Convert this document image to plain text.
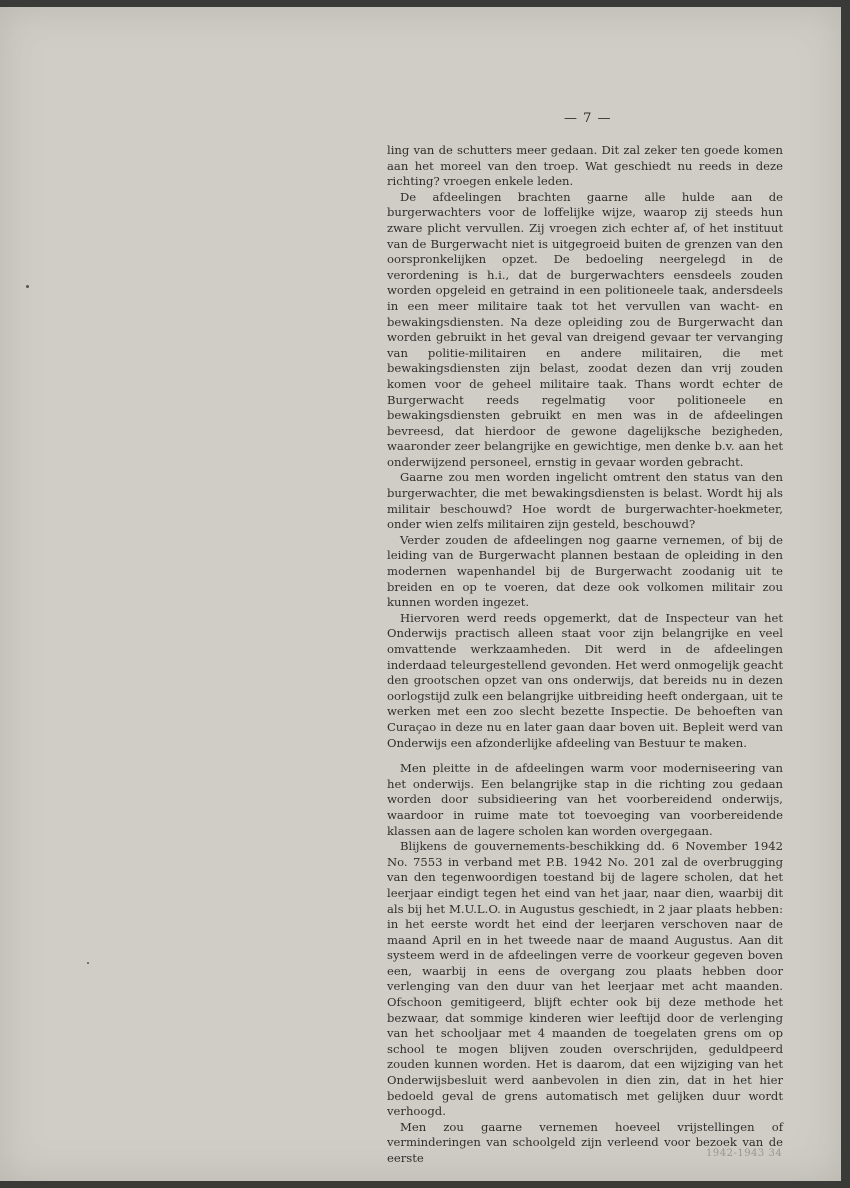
— 7 —

ling van de schutters meer gedaan. Dit zal zeker ten goede komen aan het moreel van den troep. Wat geschiedt nu reeds in deze richting? vroegen enkele leden.

De afdeelingen brachten gaarne alle hulde aan de burgerwachters voor de loffelijke wijze, waarop zij steeds hun zware plicht vervullen. Zij vroegen zich echter af, of het instituut van de Burgerwacht niet is uitgegroeid buiten de grenzen van den oorspronkelijken opzet. De bedoeling neergelegd in de verordening is h.i., dat de burgerwachters eensdeels zouden worden opgeleid en getraind in een politioneele taak, andersdeels in een meer militaire taak tot het vervullen van wacht- en bewakingsdiensten. Na deze opleiding zou de Burgerwacht dan worden gebruikt in het geval van dreigend gevaar ter vervanging van politie-militairen en andere militairen, die met bewakingsdiensten zijn belast, zoodat dezen dan vrij zouden komen voor de geheel militaire taak. Thans wordt echter de Burgerwacht reeds regelmatig voor politioneele en bewakingsdiensten gebruikt en men was in de afdeelingen bevreesd, dat hierdoor de gewone dagelijksche bezigheden, waaronder zeer belangrijke en gewichtige, men denke b.v. aan het onderwijzend personeel, ernstig in gevaar worden gebracht.

Gaarne zou men worden ingelicht omtrent den status van den burgerwachter, die met bewakingsdiensten is belast. Wordt hij als militair beschouwd? Hoe wordt de burgerwachter-hoekmeter, onder wien zelfs militairen zijn gesteld, beschouwd?

Verder zouden de afdeelingen nog gaarne vernemen, of bij de leiding van de Burgerwacht plannen bestaan de opleiding in den modernen wapenhandel bij de Burgerwacht zoodanig uit te breiden en op te voeren, dat deze ook volkomen militair zou kunnen worden ingezet.

Hiervoren werd reeds opgemerkt, dat de Inspecteur van het Onderwijs practisch alleen staat voor zijn belangrijke en veel omvattende werkzaamheden. Dit werd in de afdeelingen inderdaad teleurgestellend gevonden. Het werd onmogelijk geacht den grootschen opzet van ons onderwijs, dat bereids nu in dezen oorlogstijd zulk een belangrijke uitbreiding heeft ondergaan, uit te werken met een zoo slecht bezette Inspectie. De behoeften van Curaçao in deze nu en later gaan daar boven uit. Bepleit werd van Onderwijs een afzonderlijke afdeeling van Bestuur te maken.

Men pleitte in de afdeelingen warm voor moderniseering van het onderwijs. Een belangrijke stap in die richting zou gedaan worden door subsidieering van het voorbereidend onderwijs, waardoor in ruime mate tot toevoeging van voorbereidende klassen aan de lagere scholen kan worden overgegaan.

Blijkens de gouvernements-beschikking dd. 6 November 1942 No. 7553 in verband met P.B. 1942 No. 201 zal de overbrugging van den tegenwoordigen toestand bij de lagere scholen, dat het leerjaar eindigt tegen het eind van het jaar, naar dien, waarbij dit als bij het M.U.L.O. in Augustus geschiedt, in 2 jaar plaats hebben: in het eerste wordt het eind der leerjaren verschoven naar de maand April en in het tweede naar de maand Augustus. Aan dit systeem werd in de afdeelingen verre de voorkeur gegeven boven een, waarbij in eens de overgang zou plaats hebben door verlenging van den duur van het leerjaar met acht maanden. Ofschoon gemitigeerd, blijft echter ook bij deze methode het bezwaar, dat sommige kinderen wier leeftijd door de verlenging van het schooljaar met 4 maanden de toegelaten grens om op school te mogen blijven zouden overschrijden, geduldpeerd zouden kunnen worden. Het is daarom, dat een wijziging van het Onderwijsbesluit werd aanbevolen in dien zin, dat in het hier bedoeld geval de grens automatisch met gelijken duur wordt verhoogd.

Men zou gaarne vernemen hoeveel vrijstellingen of verminderingen van schoolgeld zijn verleend voor bezoek van de eerste	1942-1943 34
